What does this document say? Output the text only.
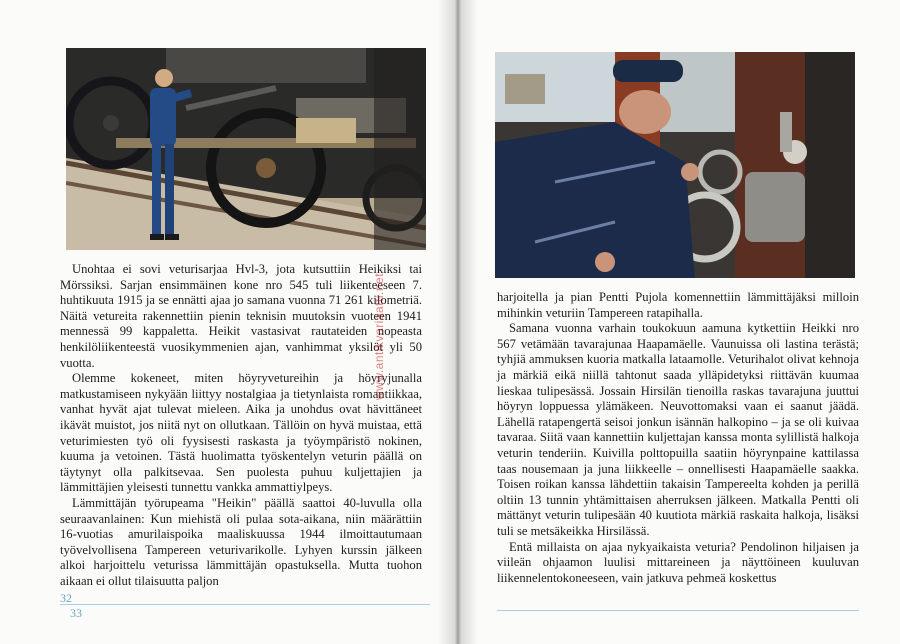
Unohtaa ei sovi veturisarjaa Hvl-3, jota kutsuttiin Heikiksi tai Mörssiksi. Sarjan ensimmäinen kone nro 545 tuli liikenteeseen 7. huhtikuuta 1915 ja se ennätti ajaa jo samana vuonna 71 261 kilometriä. Näitä vetureita rakennettiin pienin teknisin muutoksin vuoteen 1941 mennessä 99 kappaletta. Heikit vastasivat rautateiden nopeasta henkilöliikenteestä vuosikymmenien ajan, vanhimmat yksilöt yli 50 vuotta.

Olemme kokeneet, miten höyryvetureihin ja höyryjunalla matkustamiseen nykyään liittyy nostalgiaa ja tietynlaista romantiikkaa, vanhat hyvät ajat tulevat mieleen. Aika ja unohdus ovat hävittäneet ikävät muistot, jos niitä nyt on ollutkaan. Tällöin on hyvä muistaa, että veturimiesten työ oli fyysisesti raskasta ja työympäristö nokinen, kuuma ja vetoinen. Tästä huolimatta työskentelyn veturin päällä on täytynyt olla palkitsevaa. Sen puolesta puhuu kuljettajien ja lämmittäjien yleisesti tunnettu vankka ammattiylpeys.

Lämmittäjän työrupeama "Heikin" päällä saattoi 40-luvulla olla seuraavanlainen: Kun miehistä oli pulaa sota-aikana, niin määrättiin 16-vuotias amurilaispoika maaliskuussa 1944 ilmoittautumaan työvelvollisena Tampereen veturivarikolle. Lyhyen kurssin jälkeen alkoi harjoittelu veturissa lämmittäjän opastuksella. Mutta tuohon aikaan ei ollut tilaisuutta paljon

harjoitella ja pian Pentti Pujola komennettiin lämmittäjäksi milloin mihinkin veturiin Tampereen ratapihalla.

Samana vuonna varhain toukokuun aamuna kytkettiin Heikki nro 567 vetämään tavarajunaa Haapamäelle. Vaunuissa oli lastina terästä; tyhjiä ammuksen kuoria matkalla lataamolle. Veturihalot olivat kehnoja ja märkiä eikä niillä tahtonut saada ylläpidetyksi riittävän kuumaa lieskaa tulipesässä. Jossain Hirsilän tienoilla raskas tavarajuna juuttui höyryn loppuessa ylämäkeen. Neuvottomaksi vaan ei saanut jäädä. Lähellä ratapengertä seisoi jonkun isännän halkopino – ja se oli kuivaa tavaraa. Siitä vaan kannettiin kuljettajan kanssa monta sylillistä halkoja veturin tenderiin. Kuivilla polttopuilla saatiin höyrynpaine kattilassa taas nousemaan ja juna liikkeelle – onnellisesti Haapamäelle saakka. Toisen roikan kanssa lähdettiin takaisin Tampereelta kohden ja perillä oltiin 13 tunnin yhtämittaisen aherruksen jälkeen. Matkalla Pentti oli mättänyt veturin tulipesään 40 kuutiota märkiä raskaita halkoja, lisäksi tuli se metsäkeikka Hirsilässä.

Entä millaista on ajaa nykyaikaista veturia? Pendolinon hiljaisen ja viileän ohjaamon luulisi mittareineen ja näyttöineen kuuluvan liikennelentokoneeseen, vain jatkuva pehmeä koskettus

www.antikvariaatti.net
32
33
